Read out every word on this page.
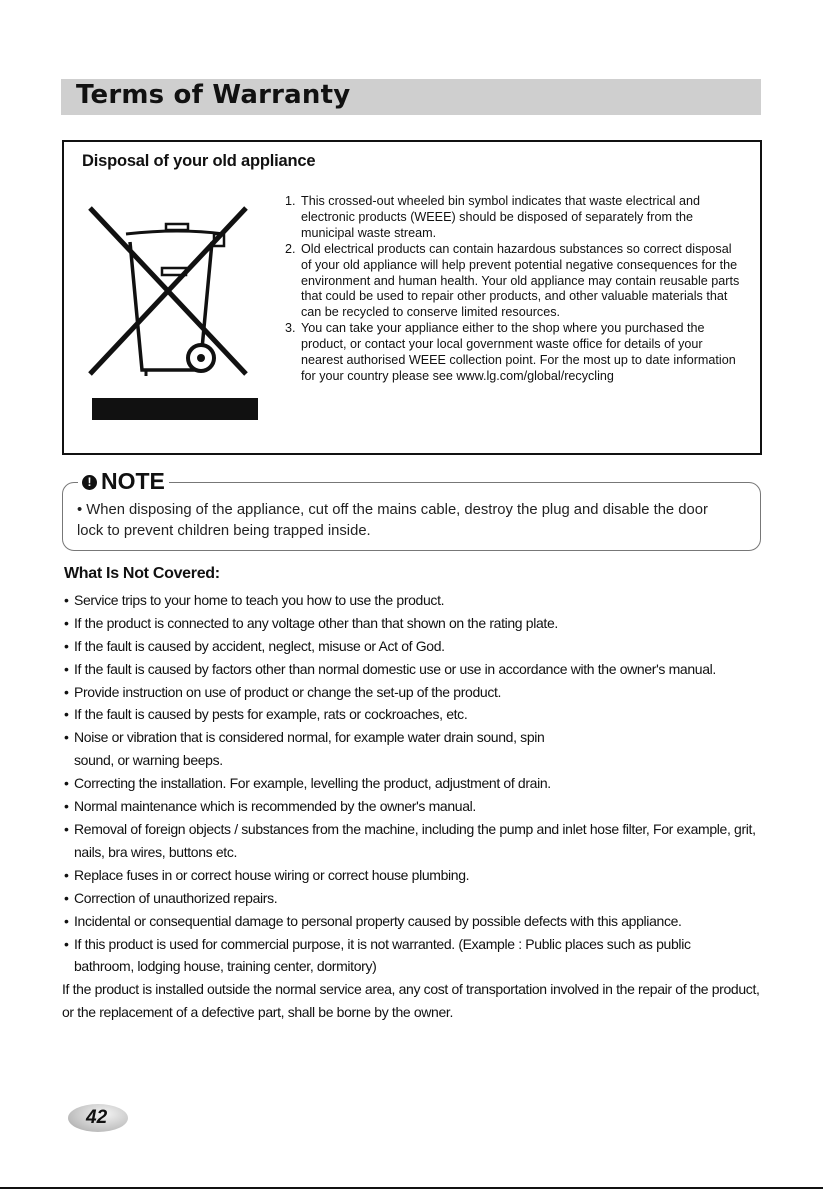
Terms of Warranty
Disposal of your old appliance
1. This crossed-out wheeled bin symbol indicates that waste electrical and electronic products (WEEE) should be disposed of separately from the municipal waste stream.
2. Old electrical products can contain hazardous substances so correct disposal of your old appliance will help prevent potential negative consequences for the environment and human health. Your old appliance may contain reusable parts that could be used to repair other products, and other valuable materials that can be recycled to conserve limited resources.
3. You can take your appliance either to the shop where you purchased the product, or contact your local government waste office for details of your nearest authorised WEEE collection point. For the most up to date information for your country please see www.lg.com/global/recycling
! NOTE

• When disposing of the appliance, cut off the mains cable, destroy the plug and disable the door lock to prevent children being trapped inside.

What Is Not Covered:
• Service trips to your home to teach you how to use the product.
• If the product is connected to any voltage other than that shown on the rating plate.
• If the fault is caused by accident, neglect, misuse or Act of God.
• If the fault is caused by factors other than normal domestic use or use in accordance with the owner's manual.
• Provide instruction on use of product or change the set-up of the product.
• If the fault is caused by pests for example, rats or cockroaches, etc.
• Noise or vibration that is considered normal, for example water drain sound, spin sound, or warning beeps.
• Correcting the installation. For example, levelling the product, adjustment of drain.
• Normal maintenance which is recommended by the owner's manual.
• Removal of foreign objects / substances from the machine, including the pump and inlet hose filter, For example, grit, nails, bra wires, buttons etc.
• Replace fuses in or correct house wiring or correct house plumbing.
• Correction of unauthorized repairs.
• Incidental or consequential damage to personal property caused by possible defects with this appliance.
• If this product is used for commercial purpose, it is not warranted. (Example : Public places such as public bathroom, lodging house, training center, dormitory)

If the product is installed outside the normal service area, any cost of transportation involved in the repair of the product, or the replacement of a defective part, shall be borne by the owner.

42
